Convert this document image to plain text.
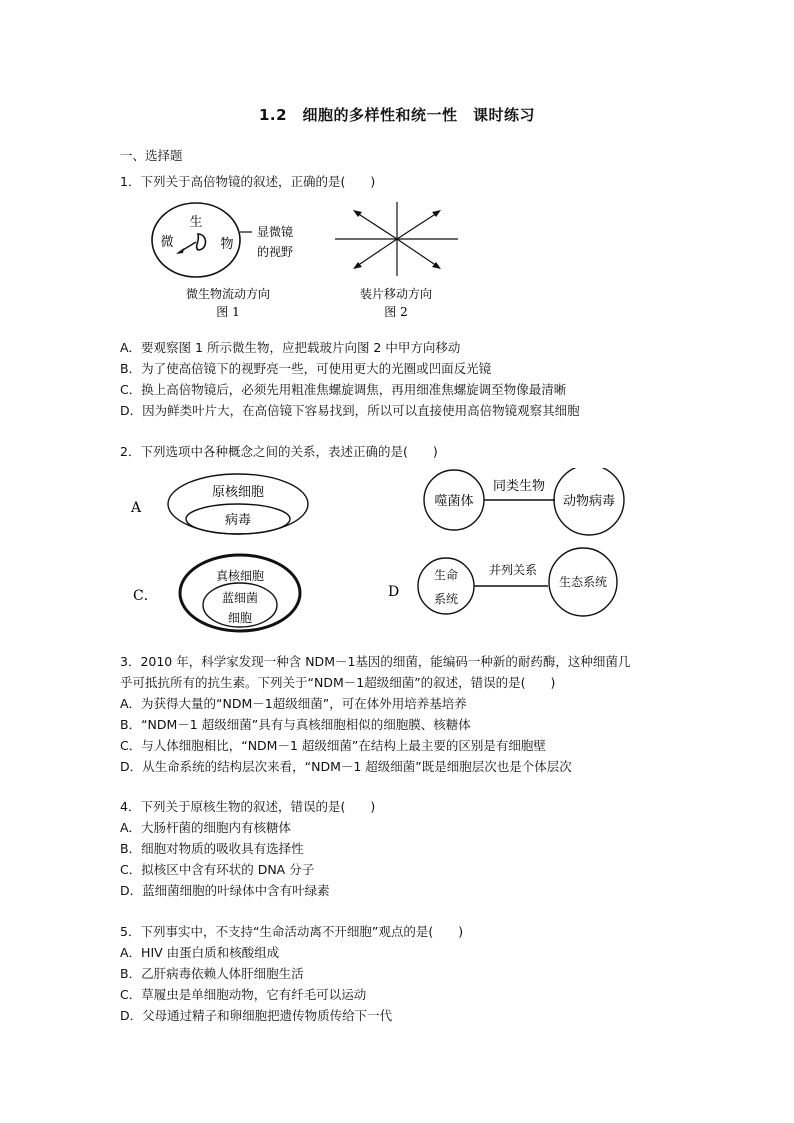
1.2　细胞的多样性和统一性　课时练习
一、选择题
1．下列关于高倍物镜的叙述，正确的是(　　)
生
微	物
显微镜
的视野
微生物流动方向
图 1
装片移动方向
图 2
A．要观察图 1 所示微生物，应把载玻片向图 2 中甲方向移动
B．为了使高倍镜下的视野亮一些，可使用更大的光圈或凹面反光镜
C．换上高倍物镜后，必须先用粗准焦螺旋调焦，再用细准焦螺旋调至物像最清晰
D．因为鲜类叶片大，在高倍镜下容易找到，所以可以直接使用高倍物镜观察其细胞
2．下列选项中各种概念之间的关系，表述正确的是(　　)
A
原核细胞
病毒
噬菌体
同类生物
动物病毒
C．
真核细胞
蓝细菌
细胞
D
生命
系统
并列关系
生态系统
3．2010 年，科学家发现一种含 NDM－1基因的细菌，能编码一种新的耐药酶，这种细菌几
乎可抵抗所有的抗生素。下列关于“NDM－1超级细菌”的叙述，错误的是(　　)
A．为获得大量的“NDM－1超级细菌”，可在体外用培养基培养
B．“NDM－1 超级细菌”具有与真核细胞相似的细胞膜、核糖体
C．与人体细胞相比，“NDM－1 超级细菌”在结构上最主要的区别是有细胞壁
D．从生命系统的结构层次来看，“NDM－1 超级细菌”既是细胞层次也是个体层次
4．下列关于原核生物的叙述，错误的是(　　)
A．大肠杆菌的细胞内有核糖体
B．细胞对物质的吸收具有选择性
C．拟核区中含有环状的 DNA 分子
D．蓝细菌细胞的叶绿体中含有叶绿素
5．下列事实中，不支持“生命活动离不开细胞”观点的是(　　)
A．HIV 由蛋白质和核酸组成
B．乙肝病毒依赖人体肝细胞生活
C．草履虫是单细胞动物，它有纤毛可以运动
D．父母通过精子和卵细胞把遗传物质传给下一代
